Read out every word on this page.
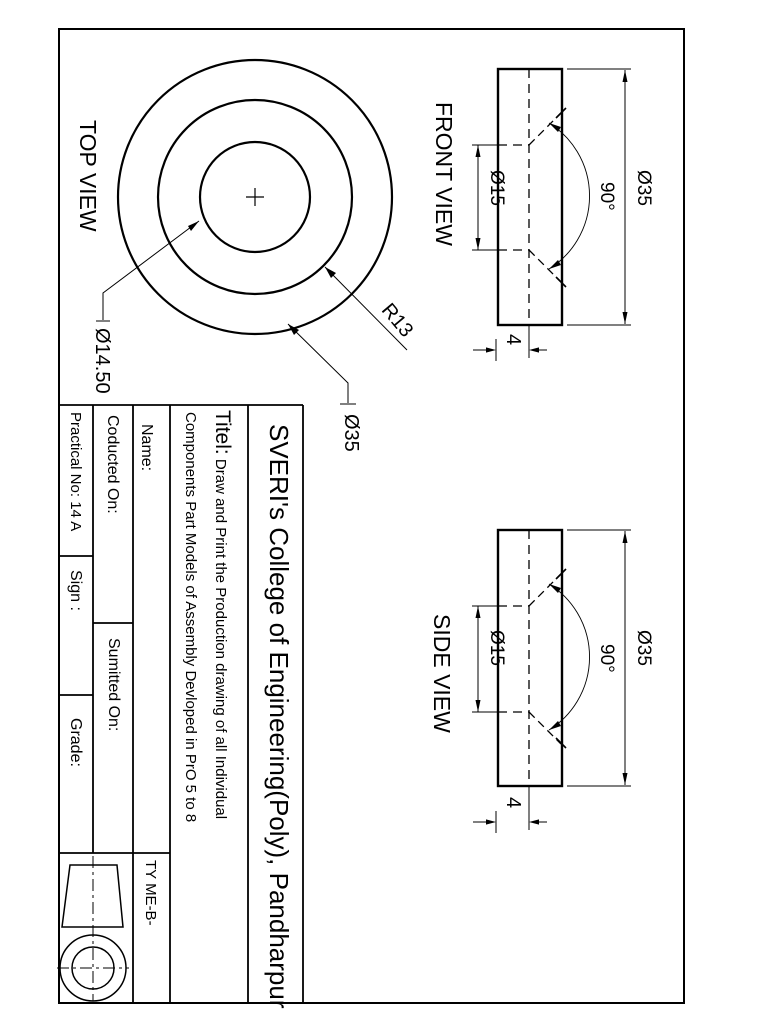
TOP VIEW
Ø14.50
R13
Ø35
FRONT VIEW Ø15	90° Ø35
4
SIDE VIEW Ø15	90° Ø35
4
SVERI's College of Engineering(Poly), Pandharpur
Titel: Draw and Print the Production drawing of all Individual
Components Part Models of Assembly Devloped in PrO 5 to 8
Name:
Coducted On:
Sumitted On:
Practical No: 14 A
Sign :
Grade:
TY ME-B-
